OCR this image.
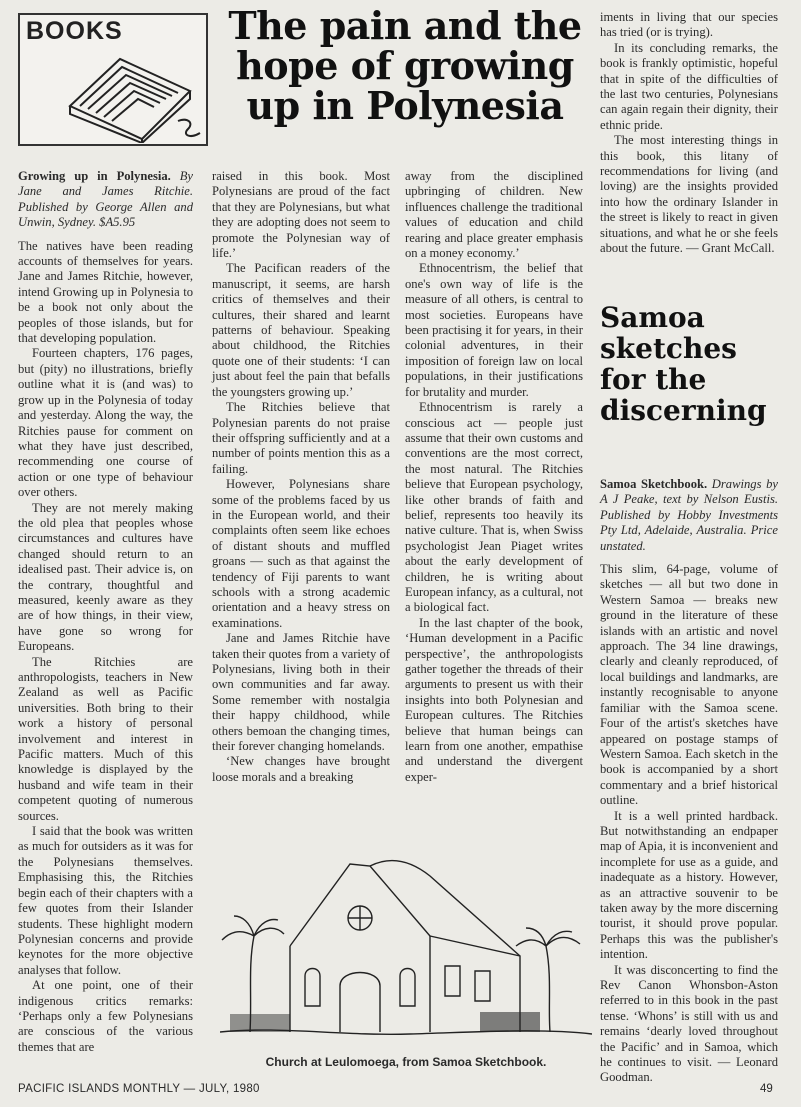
BOOKS	The pain and the hope of growing up in Polynesia

Growing up in Polynesia. By Jane and James Ritchie. Published by George Allen and Unwin, Sydney. $A5.95

The natives have been reading accounts of themselves for years. Jane and James Ritchie, however, intend Growing up in Polynesia to be a book not only about the peoples of those islands, but for that developing population.

Fourteen chapters, 176 pages, but (pity) no illustrations, briefly outline what it is (and was) to grow up in the Polynesia of today and yesterday. Along the way, the Ritchies pause for comment on what they have just described, recommending one course of action or one type of behaviour over others.

They are not merely making the old plea that peoples whose circumstances and cultures have changed should return to an idealised past. Their advice is, on the contrary, thoughtful and measured, keenly aware as they are of how things, in their view, have gone so wrong for Europeans.

The Ritchies are anthropologists, teachers in New Zealand as well as Pacific universities. Both bring to their work a history of personal involvement and interest in Pacific matters. Much of this knowledge is displayed by the husband and wife team in their competent quoting of numerous sources.

I said that the book was written as much for outsiders as it was for the Polynesians themselves. Emphasising this, the Ritchies begin each of their chapters with a few quotes from their Islander students. These highlight modern Polynesian concerns and provide keynotes for the more objective analyses that follow.

At one point, one of their indigenous critics remarks: ‘Perhaps only a few Polynesians are conscious of the various themes that are

raised in this book. Most Polynesians are proud of the fact that they are Polynesians, but what they are adopting does not seem to promote the Polynesian way of life.’

The Pacifican readers of the manuscript, it seems, are harsh critics of themselves and their cultures, their shared and learnt patterns of behaviour. Speaking about childhood, the Ritchies quote one of their students: ‘I can just about feel the pain that befalls the youngsters growing up.’

The Ritchies believe that Polynesian parents do not praise their offspring sufficiently and at a number of points mention this as a failing.

However, Polynesians share some of the problems faced by us in the European world, and their complaints often seem like echoes of distant shouts and muffled groans — such as that against the tendency of Fiji parents to want schools with a strong academic orientation and a heavy stress on examinations.

Jane and James Ritchie have taken their quotes from a variety of Polynesians, living both in their own communities and far away. Some remember with nostalgia their happy childhood, while others bemoan the changing times, their forever changing homelands.

‘New changes have brought loose morals and a breaking

away from the disciplined upbringing of children. New influences challenge the traditional values of education and child rearing and place greater emphasis on a money economy.’

Ethnocentrism, the belief that one's own way of life is the measure of all others, is central to most societies. Europeans have been practising it for years, in their colonial adventures, in their imposition of foreign law on local populations, in their justifications for brutality and murder.

Ethnocentrism is rarely a conscious act — people just assume that their own customs and conventions are the most correct, the most natural. The Ritchies believe that European psychology, like other brands of faith and belief, represents too heavily its native culture. That is, when Swiss psychologist Jean Piaget writes about the early development of children, he is writing about European infancy, as a cultural, not a biological fact.

In the last chapter of the book, ‘Human development in a Pacific perspective’, the anthropologists gather together the threads of their arguments to present us with their insights into both Polynesian and European cultures. The Ritchies believe that human beings can learn from one another, empathise and understand the divergent exper-

iments in living that our species has tried (or is trying).

In its concluding remarks, the book is frankly optimistic, hopeful that in spite of the difficulties of the last two centuries, Polynesians can again regain their dignity, their ethnic pride.

The most interesting things in this book, this litany of recommendations for living (and loving) are the insights provided into how the ordinary Islander in the street is likely to react in given situations, and what he or she feels about the future. — Grant McCall.

Samoa sketches for the discerning

Samoa Sketchbook. Drawings by A J Peake, text by Nelson Eustis. Published by Hobby Investments Pty Ltd, Adelaide, Australia. Price unstated.

This slim, 64-page, volume of sketches — all but two done in Western Samoa — breaks new ground in the literature of these islands with an artistic and novel approach. The 34 line drawings, clearly and cleanly reproduced, of local buildings and landmarks, are instantly recognisable to anyone familiar with the Samoa scene. Four of the artist's sketches have appeared on postage stamps of Western Samoa. Each sketch in the book is accompanied by a short commentary and a brief historical outline.

It is a well printed hardback. But notwithstanding an endpaper map of Apia, it is inconvenient and incomplete for use as a guide, and inadequate as a history. However, as an attractive souvenir to be taken away by the more discerning tourist, it should prove popular. Perhaps this was the publisher's intention.

It was disconcerting to find the Rev Canon Whonsbon-Aston referred to in this book in the past tense. ‘Whons’ is still with us and remains ‘dearly loved throughout the Pacific’ and in Samoa, which he continues to visit. — Leonard Goodman.

Church at Leulomoega, from Samoa Sketchbook.
PACIFIC ISLANDS MONTHLY — JULY, 1980	49
